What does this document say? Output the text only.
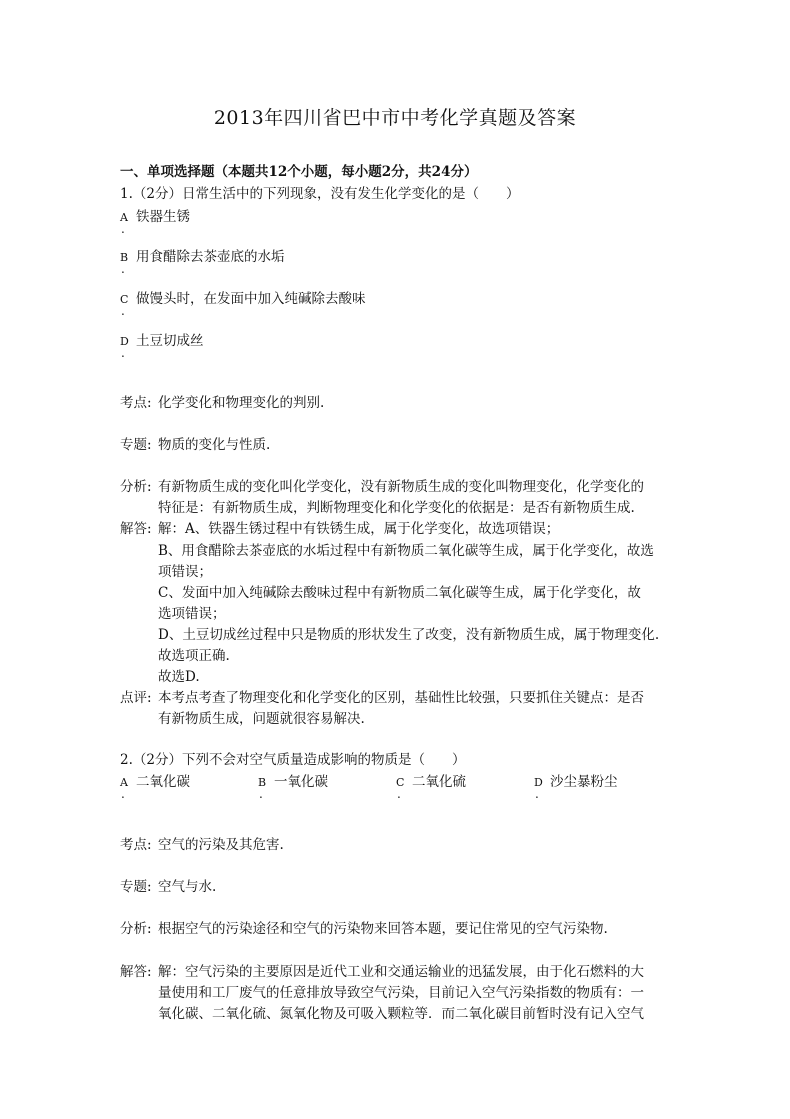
2013年四川省巴中市中考化学真题及答案
一、单项选择题（本题共12个小题，每小题2分，共24分）
1.（2分）日常生活中的下列现象，没有发生化学变化的是（　　）
A 铁器生锈
.
B 用食醋除去茶壶底的水垢
.
C 做馒头时，在发面中加入纯碱除去酸味
.
D 土豆切成丝
.
考点: 化学变化和物理变化的判别.
专题: 物质的变化与性质.
分析: 有新物质生成的变化叫化学变化，没有新物质生成的变化叫物理变化，化学变化的
特征是：有新物质生成，判断物理变化和化学变化的依据是：是否有新物质生成.
解答: 解：A、铁器生锈过程中有铁锈生成，属于化学变化，故选项错误；
B、用食醋除去茶壶底的水垢过程中有新物质二氧化碳等生成，属于化学变化，故选
项错误；
C、发面中加入纯碱除去酸味过程中有新物质二氧化碳等生成，属于化学变化，故
选项错误；
D、土豆切成丝过程中只是物质的形状发生了改变，没有新物质生成，属于物理变化.
故选项正确.
故选D.
点评: 本考点考查了物理变化和化学变化的区别，基础性比较强，只要抓住关键点：是否
有新物质生成，问题就很容易解决.
2.（2分）下列不会对空气质量造成影响的物质是（　　）
A 二氧化碳
.
B 一氧化碳
.
C 二氧化硫
.
D 沙尘暴粉尘
.
考点: 空气的污染及其危害.
专题: 空气与水.
分析: 根据空气的污染途径和空气的污染物来回答本题，要记住常见的空气污染物.
解答: 解：空气污染的主要原因是近代工业和交通运输业的迅猛发展，由于化石燃料的大
量使用和工厂废气的任意排放导致空气污染，目前记入空气污染指数的物质有：一
氧化碳、二氧化硫、氮氧化物及可吸入颗粒等．而二氧化碳目前暂时没有记入空气
